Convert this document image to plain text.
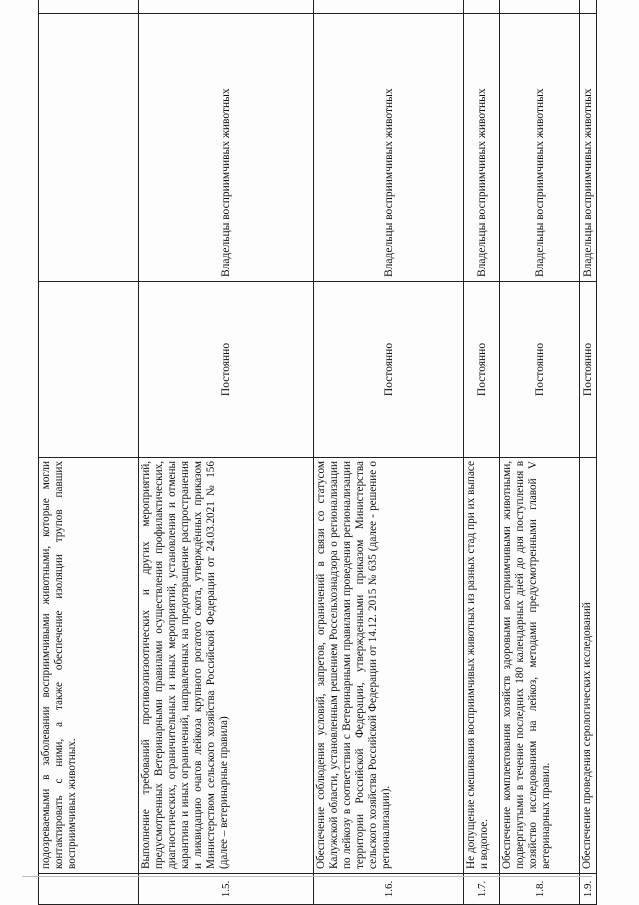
	подозреваемыми в заболевании восприимчивыми животными, которые могли контактировать с ними, а также обеспечение изоляции трупов павших восприимчивых животных.	

1.5.	Выполнение требований противоэпизоотических и других мероприятий, предусмотренных Ветеринарными правилами осуществления профилактических, диагностических, ограничительных и иных мероприятий, установления и отмены карантина и иных ограничений, направленных на предотвращение распространения и ликвидацию очагов лейкоза крупного рогатого скота, утверждённых приказом Министерством сельского хозяйства Российской Федерации от 24.03.2021 № 156 (далее – ветеринарные правила)	Постоянно	Владельцы восприимчивых животных	

1.6.	Обеспечение соблюдения условий, запретов, ограничений в связи со статусом Калужской области, установленным решением Россельхознадзора о регионализации по лейкозу в соответствии с Ветеринарными правилами проведения регионализации территории Российской Федерации, утвержденными приказом Министерства сельского хозяйства Российской Федерации от 14.12. 2015 № 635 (далее - решение о регионализации).	Постоянно	Владельцы восприимчивых животных	

1.7.	Не допущение смешивания восприимчивых животных из разных стад при их выпасе и водопое.	Постоянно	Владельцы восприимчивых животных	

1.8.	Обеспечение комплектования хозяйств здоровыми восприимчивыми животными, подвергнутыми в течение последних 180 календарных дней до дня поступления в хозяйство исследованиям на лейкоз, методами предусмотренными главой V ветеринарных правил.	Постоянно	Владельцы восприимчивых животных	

1.9.	Обеспечение проведения серологических исследований	Постоянно	Владельцы восприимчивых животных	
